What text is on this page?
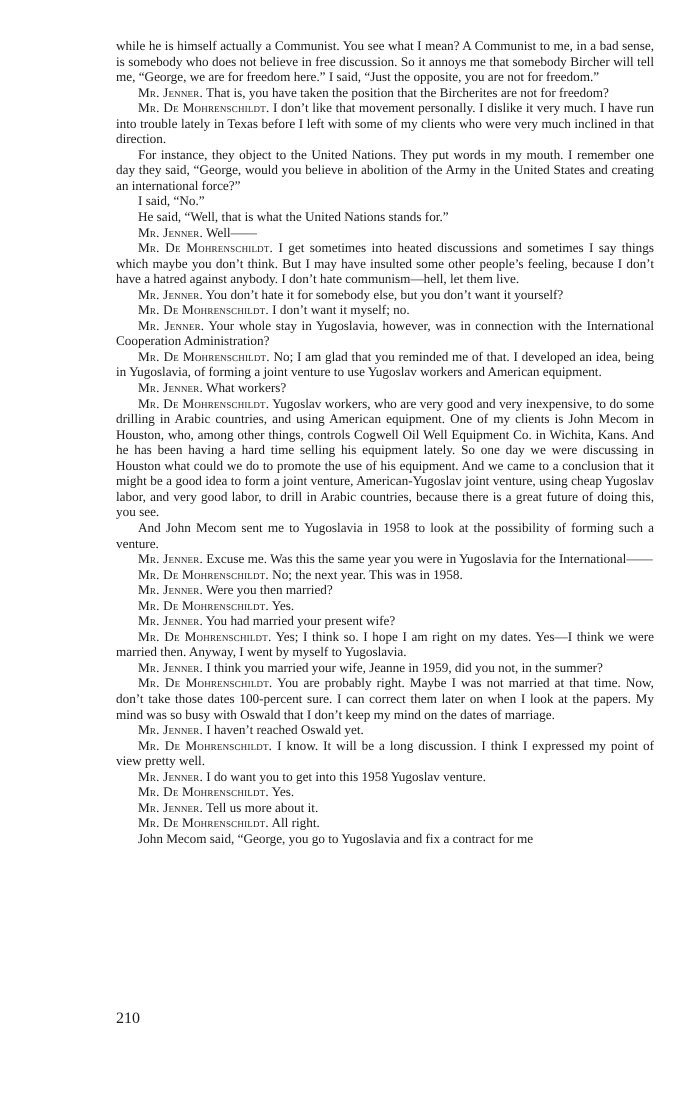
while he is himself actually a Communist. You see what I mean? A Communist to me, in a bad sense, is somebody who does not believe in free discussion. So it annoys me that somebody Bircher will tell me, “George, we are for freedom here.” I said, “Just the opposite, you are not for freedom.”

Mr. Jenner. That is, you have taken the position that the Bircherites are not for freedom?

Mr. De Mohrenschildt. I don’t like that movement personally. I dislike it very much. I have run into trouble lately in Texas before I left with some of my clients who were very much inclined in that direction.

For instance, they object to the United Nations. They put words in my mouth. I remember one day they said, “George, would you believe in abolition of the Army in the United States and creating an international force?”

I said, “No.”

He said, “Well, that is what the United Nations stands for.”

Mr. Jenner. Well——

Mr. De Mohrenschildt. I get sometimes into heated discussions and sometimes I say things which maybe you don’t think. But I may have insulted some other people’s feeling, because I don’t have a hatred against anybody. I don’t hate communism—hell, let them live.

Mr. Jenner. You don’t hate it for somebody else, but you don’t want it yourself?

Mr. De Mohrenschildt. I don’t want it myself; no.

Mr. Jenner. Your whole stay in Yugoslavia, however, was in connection with the International Cooperation Administration?

Mr. De Mohrenschildt. No; I am glad that you reminded me of that. I developed an idea, being in Yugoslavia, of forming a joint venture to use Yugoslav workers and American equipment.

Mr. Jenner. What workers?

Mr. De Mohrenschildt. Yugoslav workers, who are very good and very inexpensive, to do some drilling in Arabic countries, and using American equipment. One of my clients is John Mecom in Houston, who, among other things, controls Cogwell Oil Well Equipment Co. in Wichita, Kans. And he has been having a hard time selling his equipment lately. So one day we were discussing in Houston what could we do to promote the use of his equipment. And we came to a conclusion that it might be a good idea to form a joint venture, American-Yugoslav joint venture, using cheap Yugoslav labor, and very good labor, to drill in Arabic countries, because there is a great future of doing this, you see.

And John Mecom sent me to Yugoslavia in 1958 to look at the possibility of forming such a venture.

Mr. Jenner. Excuse me. Was this the same year you were in Yugoslavia for the International——

Mr. De Mohrenschildt. No; the next year. This was in 1958.

Mr. Jenner. Were you then married?

Mr. De Mohrenschildt. Yes.

Mr. Jenner. You had married your present wife?

Mr. De Mohrenschildt. Yes; I think so. I hope I am right on my dates. Yes—I think we were married then. Anyway, I went by myself to Yugoslavia.

Mr. Jenner. I think you married your wife, Jeanne in 1959, did you not, in the summer?

Mr. De Mohrenschildt. You are probably right. Maybe I was not married at that time. Now, don’t take those dates 100-percent sure. I can correct them later on when I look at the papers. My mind was so busy with Oswald that I don’t keep my mind on the dates of marriage.

Mr. Jenner. I haven’t reached Oswald yet.

Mr. De Mohrenschildt. I know. It will be a long discussion. I think I expressed my point of view pretty well.

Mr. Jenner. I do want you to get into this 1958 Yugoslav venture.

Mr. De Mohrenschildt. Yes.

Mr. Jenner. Tell us more about it.

Mr. De Mohrenschildt. All right.

John Mecom said, “George, you go to Yugoslavia and fix a contract for me

210
